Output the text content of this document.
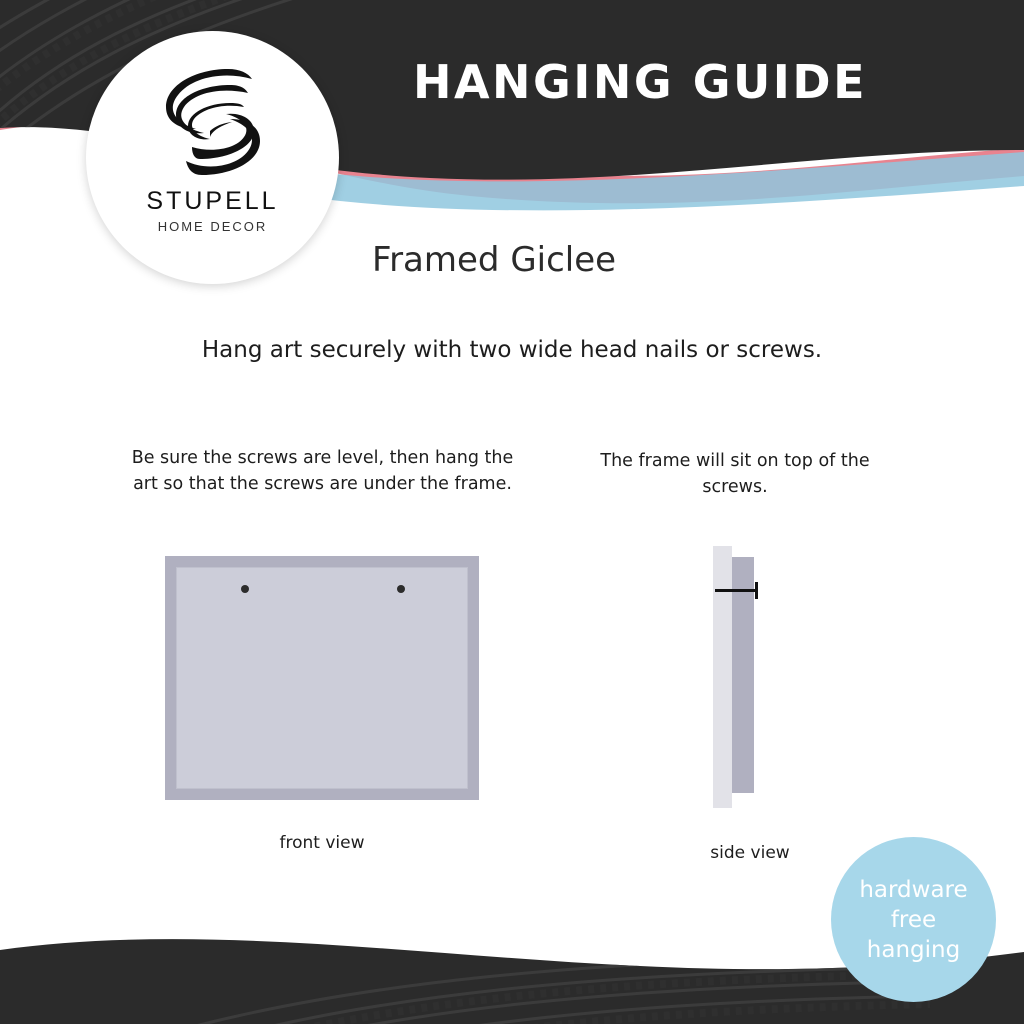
HANGING GUIDE
STUPELL
HOME DECOR
Framed Giclee
Hang art securely with two wide head nails or screws.
Be sure the screws are level, then hang the art so that the screws are under the frame.
front view
The frame will sit on top of the screws.
side view
hardware
free
hanging
